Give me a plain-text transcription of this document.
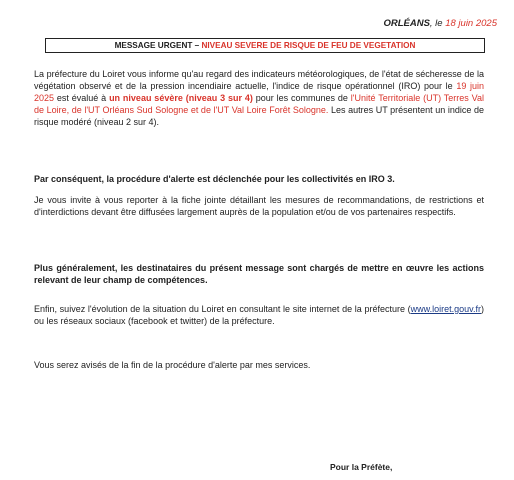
ORLÉANS, le 18 juin 2025
MESSAGE URGENT – NIVEAU SEVERE DE RISQUE DE FEU DE VEGETATION

La préfecture du Loiret vous informe qu'au regard des indicateurs météorologiques, de l'état de sécheresse de la végétation observé et de la pression incendiaire actuelle, l'indice de risque opérationnel (IRO) pour le 19 juin 2025 est évalué à un niveau sévère (niveau 3 sur 4) pour les communes de l'Unité Territoriale (UT) Terres Val de Loire, de l'UT Orléans Sud Sologne et de l'UT Val Loire Forêt Sologne. Les autres UT présentent un indice de risque modéré (niveau 2 sur 4).

Par conséquent, la procédure d'alerte est déclenchée pour les collectivités en IRO 3.

Je vous invite à vous reporter à la fiche jointe détaillant les mesures de recommandations, de restrictions et d'interdictions devant être diffusées largement auprès de la population et/ou de vos partenaires respectifs.

Plus généralement, les destinataires du présent message sont chargés de mettre en œuvre les actions relevant de leur champ de compétences.

Enfin, suivez l'évolution de la situation du Loiret en consultant le site internet de la préfecture (www.loiret.gouv.fr) ou les réseaux sociaux (facebook et twitter) de la préfecture.

Vous serez avisés de la fin de la procédure d'alerte par mes services.

Pour la Préfète,
